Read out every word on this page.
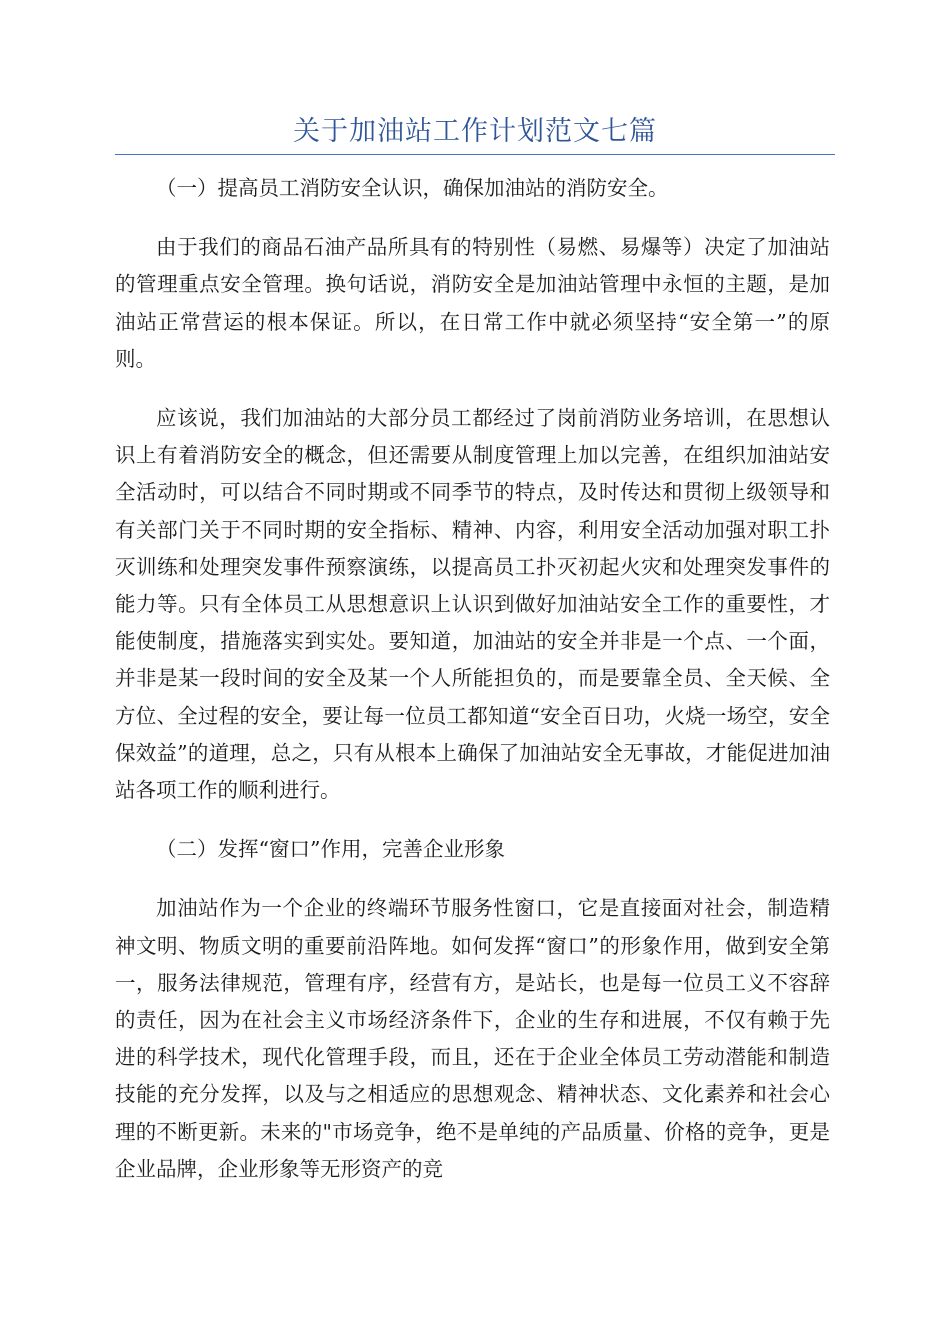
关于加油站工作计划范文七篇

（一）提高员工消防安全认识，确保加油站的消防安全。

由于我们的商品石油产品所具有的特别性（易燃、易爆等）决定了加油站的管理重点安全管理。换句话说，消防安全是加油站管理中永恒的主题，是加油站正常营运的根本保证。所以，在日常工作中就必须坚持“安全第一”的原则。

应该说，我们加油站的大部分员工都经过了岗前消防业务培训，在思想认识上有着消防安全的概念，但还需要从制度管理上加以完善，在组织加油站安全活动时，可以结合不同时期或不同季节的特点，及时传达和贯彻上级领导和有关部门关于不同时期的安全指标、精神、内容，利用安全活动加强对职工扑灭训练和处理突发事件预察演练，以提高员工扑灭初起火灾和处理突发事件的能力等。只有全体员工从思想意识上认识到做好加油站安全工作的重要性，才能使制度，措施落实到实处。要知道，加油站的安全并非是一个点、一个面，并非是某一段时间的安全及某一个人所能担负的，而是要靠全员、全天候、全方位、全过程的安全，要让每一位员工都知道“安全百日功，火烧一场空，安全保效益”的道理，总之，只有从根本上确保了加油站安全无事故，才能促进加油站各项工作的顺利进行。

（二）发挥“窗口”作用，完善企业形象

加油站作为一个企业的终端环节服务性窗口，它是直接面对社会，制造精神文明、物质文明的重要前沿阵地。如何发挥“窗口”的形象作用，做到安全第一，服务法律规范，管理有序，经营有方，是站长，也是每一位员工义不容辞的责任，因为在社会主义市场经济条件下，企业的生存和进展，不仅有赖于先进的科学技术，现代化管理手段，而且，还在于企业全体员工劳动潜能和制造技能的充分发挥，以及与之相适应的思想观念、精神状态、文化素养和社会心理的不断更新。未来的"市场竞争，绝不是单纯的产品质量、价格的竞争，更是企业品牌，企业形象等无形资产的竞
